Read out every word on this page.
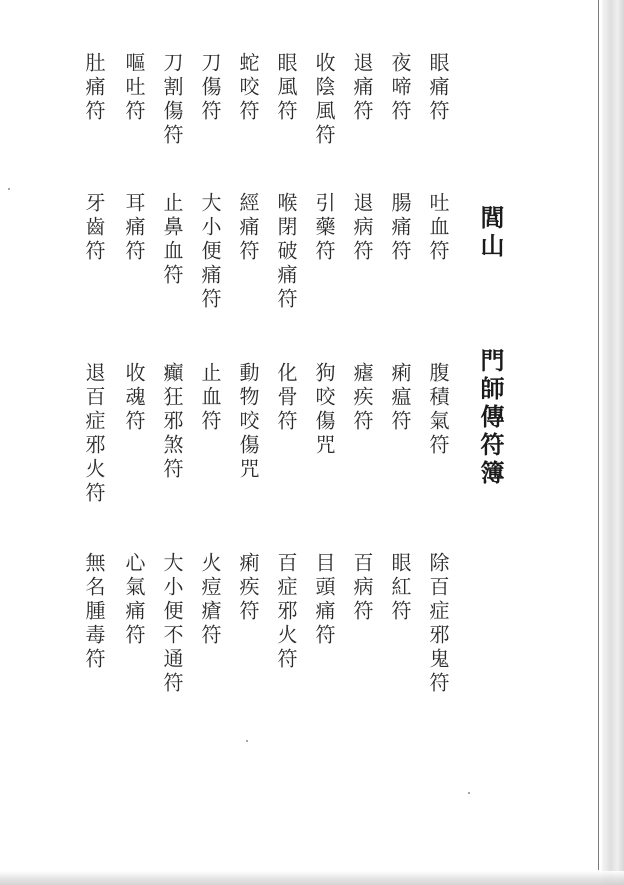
閭山 門師傳符簿
眼痛符
夜啼符
退痛符
收陰風符
眼風符
蛇咬符
刀傷符
刀割傷符
嘔吐符
肚痛符
吐血符
腸痛符
退病符
引藥符
喉閉破痛符
經痛符
大小便痛符
止鼻血符
耳痛符
牙齒符
腹積氣符
痢瘟符
瘧疾符
狗咬傷咒
化骨符
動物咬傷咒
止血符
癲狂邪煞符
收魂符
退百症邪火符
除百症邪鬼符
眼紅符
百病符
目頭痛符
百症邪火符
痢疾符
火痘瘡符
大小便不通符
心氣痛符
無名腫毒符
